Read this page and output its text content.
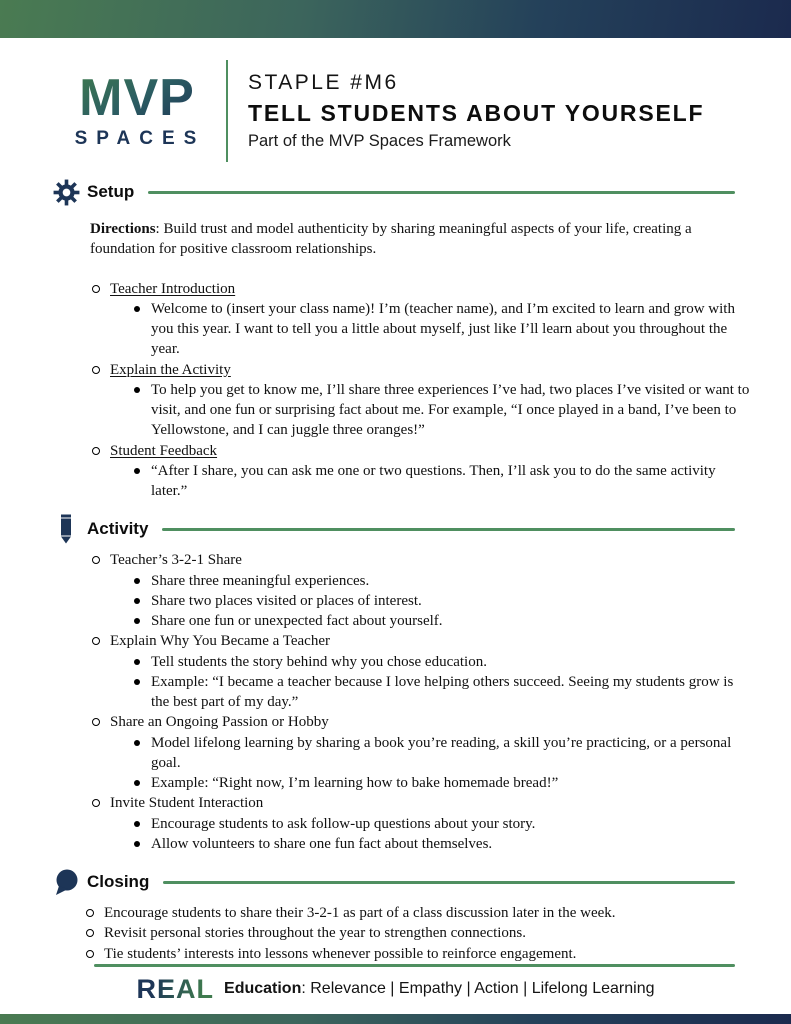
MVP
SPACES
STAPLE #M6
TELL STUDENTS ABOUT YOURSELF
Part of the MVP Spaces Framework
Setup

Directions: Build trust and model authenticity by sharing meaningful aspects of your life, creating a foundation for positive classroom relationships.

Teacher Introduction
Welcome to (insert your class name)! I’m (teacher name), and I’m excited to learn and grow with you this year. I want to tell you a little about myself, just like I’ll learn about you throughout the year.
Explain the Activity
To help you get to know me, I’ll share three experiences I’ve had, two places I’ve visited or want to visit, and one fun or surprising fact about me. For example, “I once played in a band, I’ve been to Yellowstone, and I can juggle three oranges!”
Student Feedback
“After I share, you can ask me one or two questions. Then, I’ll ask you to do the same activity later.”
Activity
Teacher’s 3-2-1 Share
Share three meaningful experiences.
Share two places visited or places of interest.
Share one fun or unexpected fact about yourself.
Explain Why You Became a Teacher
Tell students the story behind why you chose education.
Example: “I became a teacher because I love helping others succeed. Seeing my students grow is the best part of my day.”
Share an Ongoing Passion or Hobby
Model lifelong learning by sharing a book you’re reading, a skill you’re practicing, or a personal goal.
Example: “Right now, I’m learning how to bake homemade bread!”
Invite Student Interaction
Encourage students to ask follow-up questions about your story.
Allow volunteers to share one fun fact about themselves.
Closing
Encourage students to share their 3-2-1 as part of a class discussion later in the week.
Revisit personal stories throughout the year to strengthen connections.
Tie students’ interests into lessons whenever possible to reinforce engagement.
REAL Education: Relevance | Empathy | Action | Lifelong Learning
